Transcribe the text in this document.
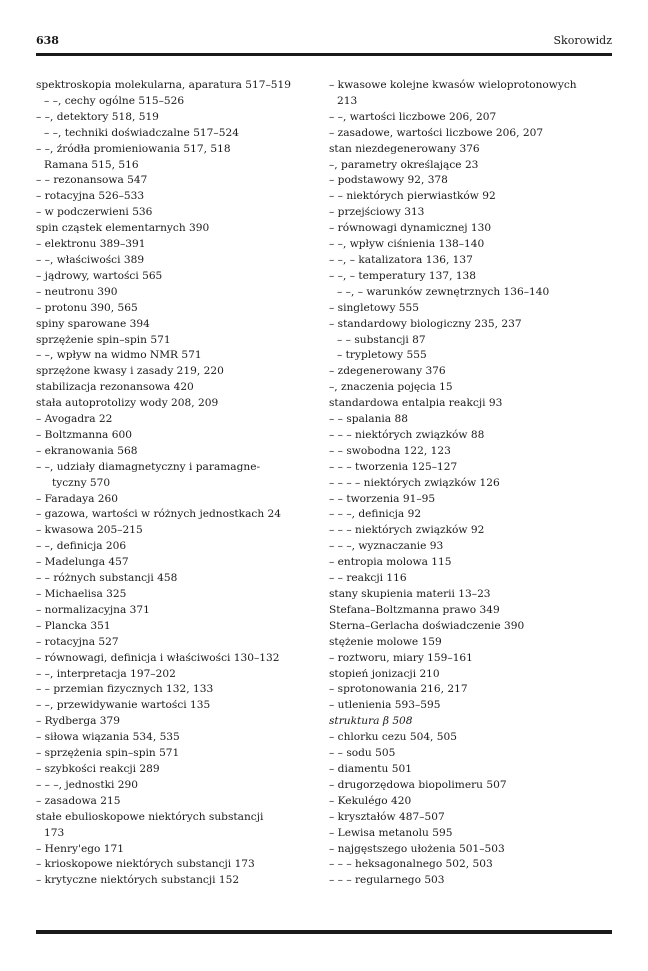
638	Skorowidz
spektroskopia molekularna, aparatura 517–519
– –, cechy ogólne 515–526
– –, detektory 518, 519
– –, techniki doświadczalne 517–524
– –, źródła promieniowania 517, 518
Ramana 515, 516
– – rezonansowa 547
– rotacyjna 526–533
– w podczerwieni 536
spin cząstek elementarnych 390
– elektronu 389–391
– –, właściwości 389
– jądrowy, wartości 565
– neutronu 390
– protonu 390, 565
spiny sparowane 394
sprzężenie spin–spin 571
– –, wpływ na widmo NMR 571
sprzężone kwasy i zasady 219, 220
stabilizacja rezonansowa 420
stała autoprotolizy wody 208, 209
– Avogadra 22
– Boltzmanna 600
– ekranowania 568
– –, udziały diamagnetyczny i paramagne-
tyczny 570
– Faradaya 260
– gazowa, wartości w różnych jednostkach 24
– kwasowa 205–215
– –, definicja 206
– Madelunga 457
– – różnych substancji 458
– Michaelisa 325
– normalizacyjna 371
– Plancka 351
– rotacyjna 527
– równowagi, definicja i właściwości 130–132
– –, interpretacja 197–202
– – przemian fizycznych 132, 133
– –, przewidywanie wartości 135
– Rydberga 379
– siłowa wiązania 534, 535
– sprzężenia spin–spin 571
– szybkości reakcji 289
– – –, jednostki 290
– zasadowa 215
stałe ebulioskopowe niektórych substancji
173
– Henry'ego 171
– krioskopowe niektórych substancji 173
– krytyczne niektórych substancji 152
– kwasowe kolejne kwasów wieloprotonowych
213
– –, wartości liczbowe 206, 207
– zasadowe, wartości liczbowe 206, 207
stan niezdegenerowany 376
–, parametry określające 23
– podstawowy 92, 378
– – niektórych pierwiastków 92
– przejściowy 313
– równowagi dynamicznej 130
– –, wpływ ciśnienia 138–140
– –, – katalizatora 136, 137
– –, – temperatury 137, 138
– –, – warunków zewnętrznych 136–140
– singletowy 555
– standardowy biologiczny 235, 237
– – substancji 87
– trypletowy 555
– zdegenerowany 376
–, znaczenia pojęcia 15
standardowa entalpia reakcji 93
– – spalania 88
– – – niektórych związków 88
– – swobodna 122, 123
– – – tworzenia 125–127
– – – – niektórych związków 126
– – tworzenia 91–95
– – –, definicja 92
– – – niektórych związków 92
– – –, wyznaczanie 93
– entropia molowa 115
– – reakcji 116
stany skupienia materii 13–23
Stefana–Boltzmanna prawo 349
Sterna–Gerlacha doświadczenie 390
stężenie molowe 159
– roztworu, miary 159–161
stopień jonizacji 210
– sprotonowania 216, 217
– utlenienia 593–595
struktura β 508
– chlorku cezu 504, 505
– – sodu 505
– diamentu 501
– drugorzędowa biopolimeru 507
– Kekulégo 420
– kryształów 487–507
– Lewisa metanolu 595
– najgęstszego ułożenia 501–503
– – – heksagonalnego 502, 503
– – – regularnego 503
